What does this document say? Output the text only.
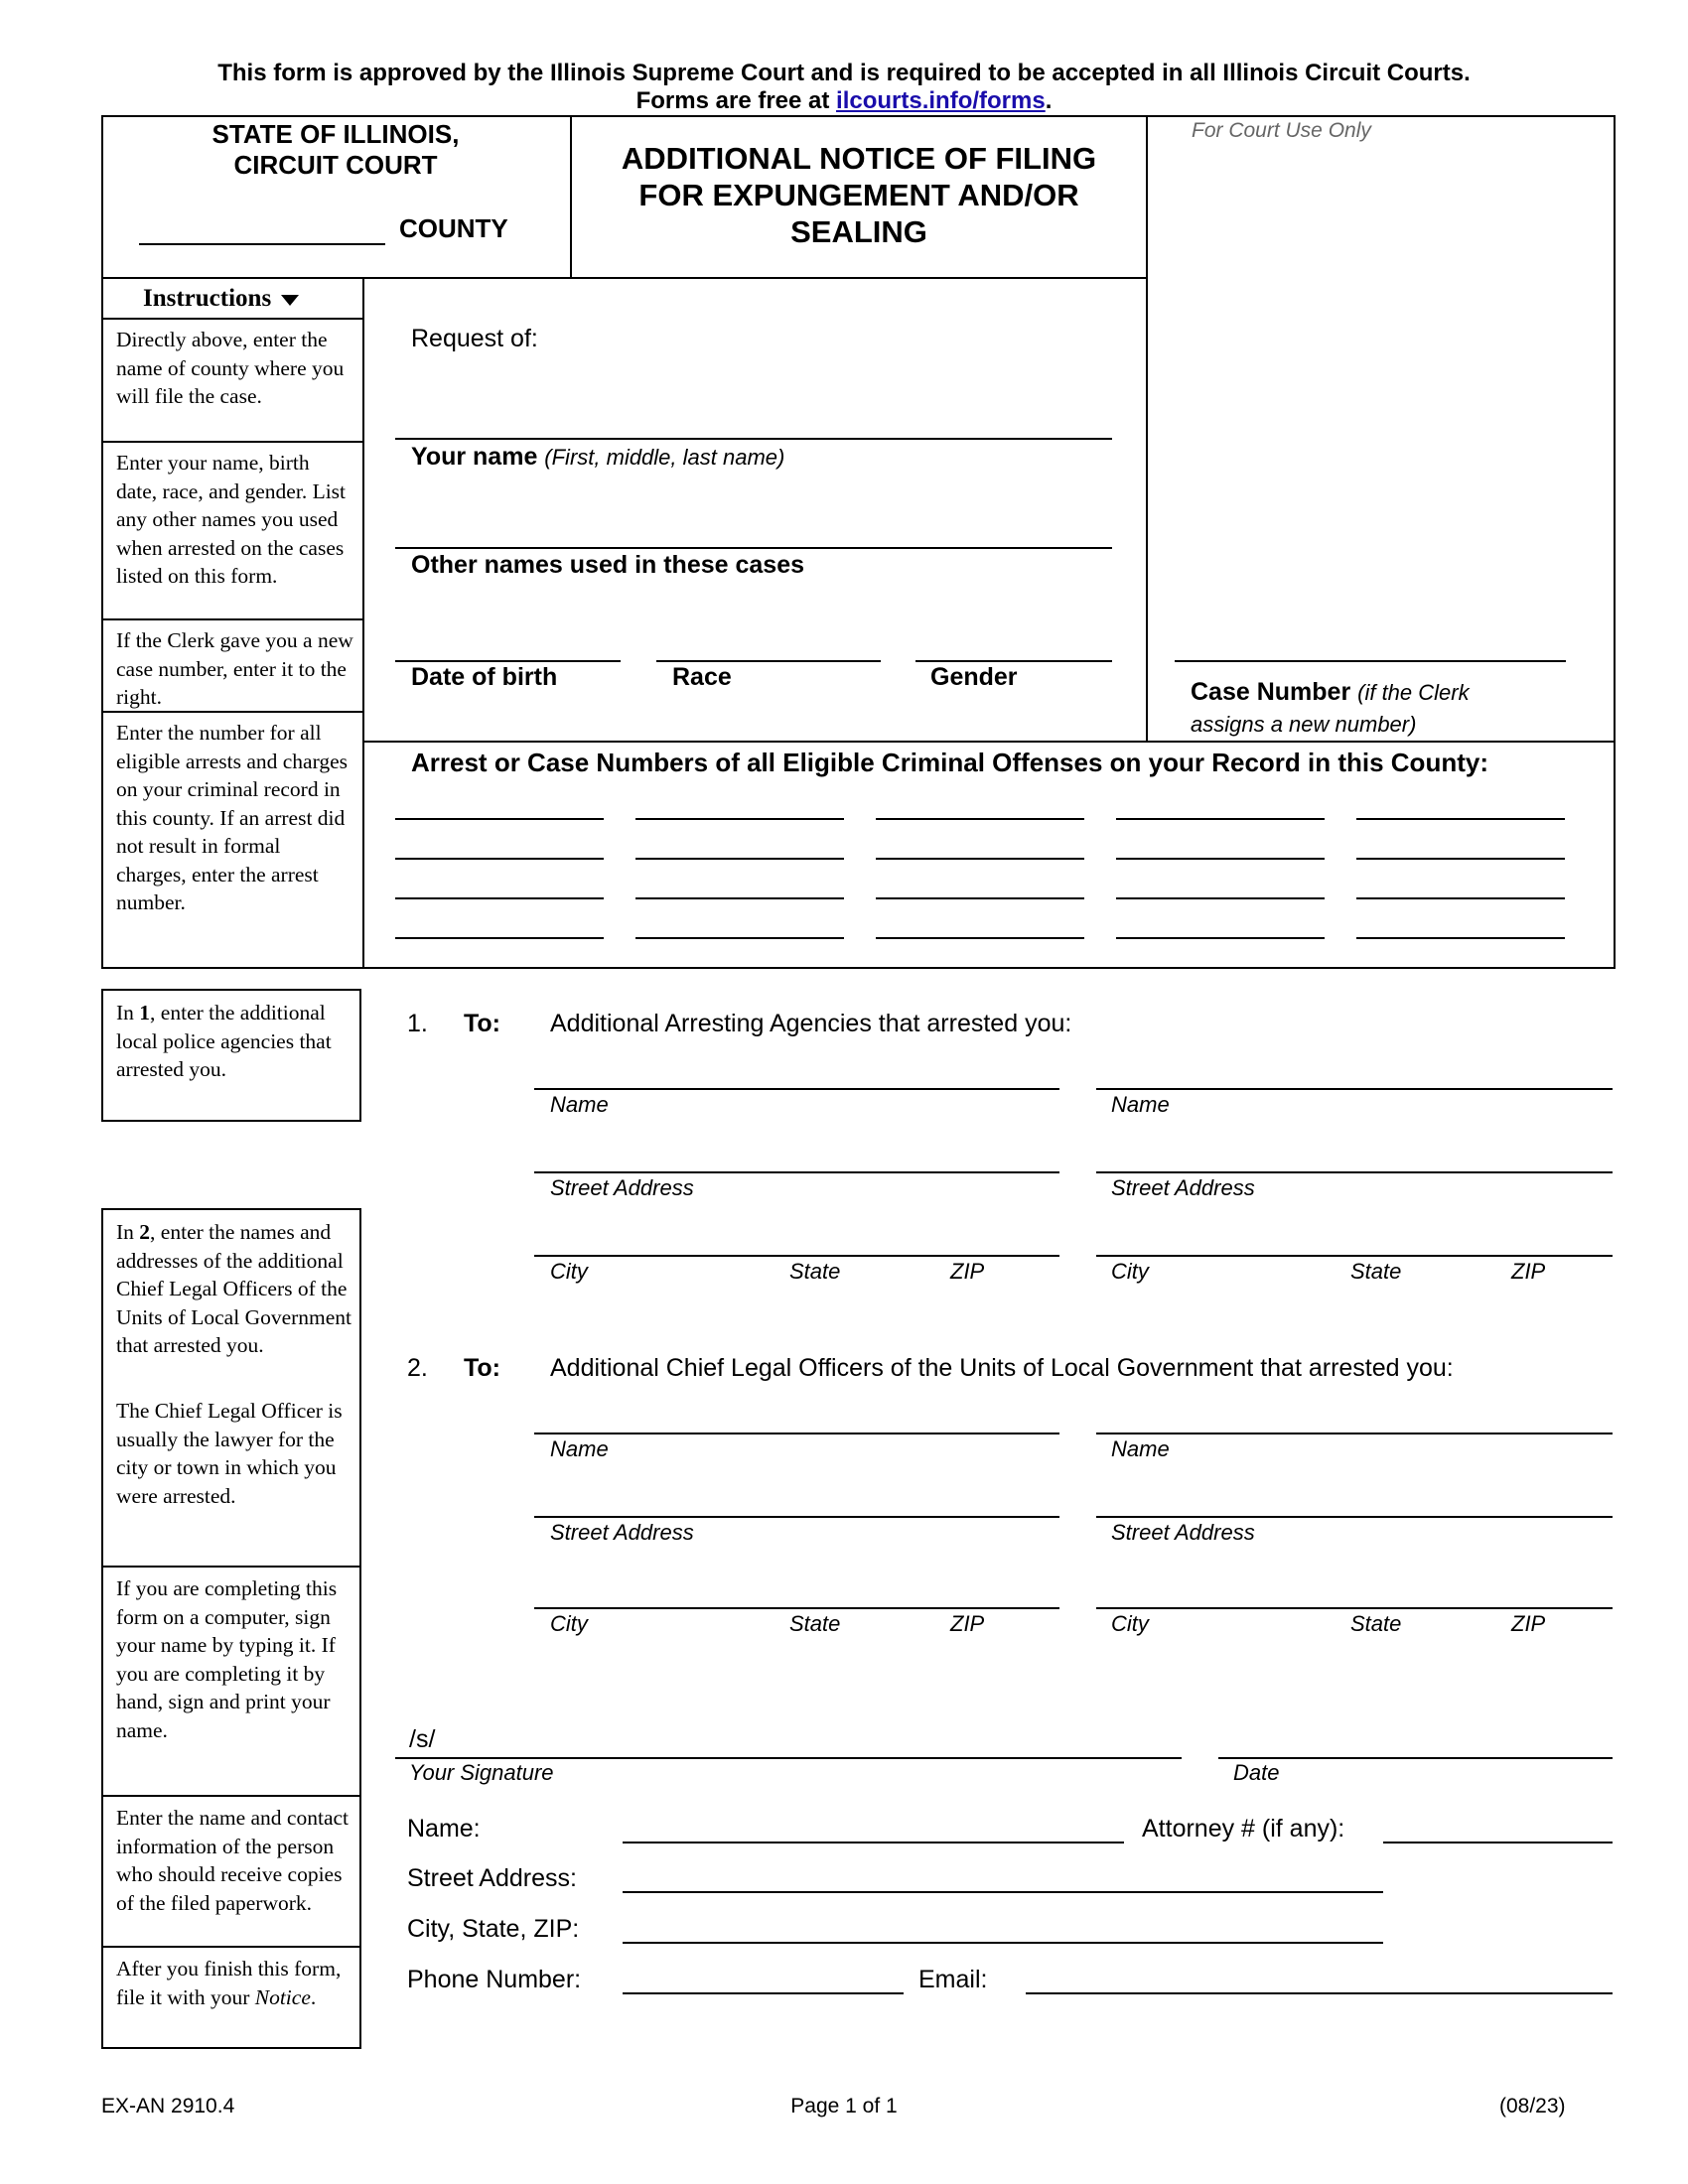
This form is approved by the Illinois Supreme Court and is required to be accepted in all Illinois Circuit Courts.
Forms are free at ilcourts.info/forms.
STATE OF ILLINOIS,
CIRCUIT COURT
COUNTY
ADDITIONAL NOTICE OF FILING
FOR EXPUNGEMENT AND/OR
SEALING
For Court Use Only
Instructions
Directly above, enter the name of county where you will file the case.
Enter your name, birth date, race, and gender. List any other names you used when arrested on the cases listed on this form.
If the Clerk gave you a new case number, enter it to the right.
Enter the number for all eligible arrests and charges on your criminal record in this county. If an arrest did not result in formal charges, enter the arrest number.
Request of:
Your name (First, middle, last name)
Other names used in these cases
Date of birth	Race	Gender
Case Number (if the Clerk
assigns a new number)
Arrest or Case Numbers of all Eligible Criminal Offenses on your Record in this County:
In 1, enter the additional local police agencies that arrested you.
In 2, enter the names and addresses of the additional Chief Legal Officers of the Units of Local Government that arrested you.
The Chief Legal Officer is usually the lawyer for the city or town in which you were arrested.
If you are completing this form on a computer, sign your name by typing it. If you are completing it by hand, sign and print your name.
Enter the name and contact information of the person who should receive copies of the filed paperwork.
After you finish this form, file it with your Notice.
1. To: Additional Arresting Agencies that arrested you:
Name	Name
Street Address	Street Address
City	State	ZIP	City	State	ZIP
2. To: Additional Chief Legal Officers of the Units of Local Government that arrested you:
Name	Name
Street Address	Street Address
City	State	ZIP	City	State	ZIP
/s/
Your Signature	Date
Name:	Attorney # (if any):
Street Address:
City, State, ZIP:
Phone Number:	Email:
EX-AN 2910.4	Page 1 of 1	(08/23)
